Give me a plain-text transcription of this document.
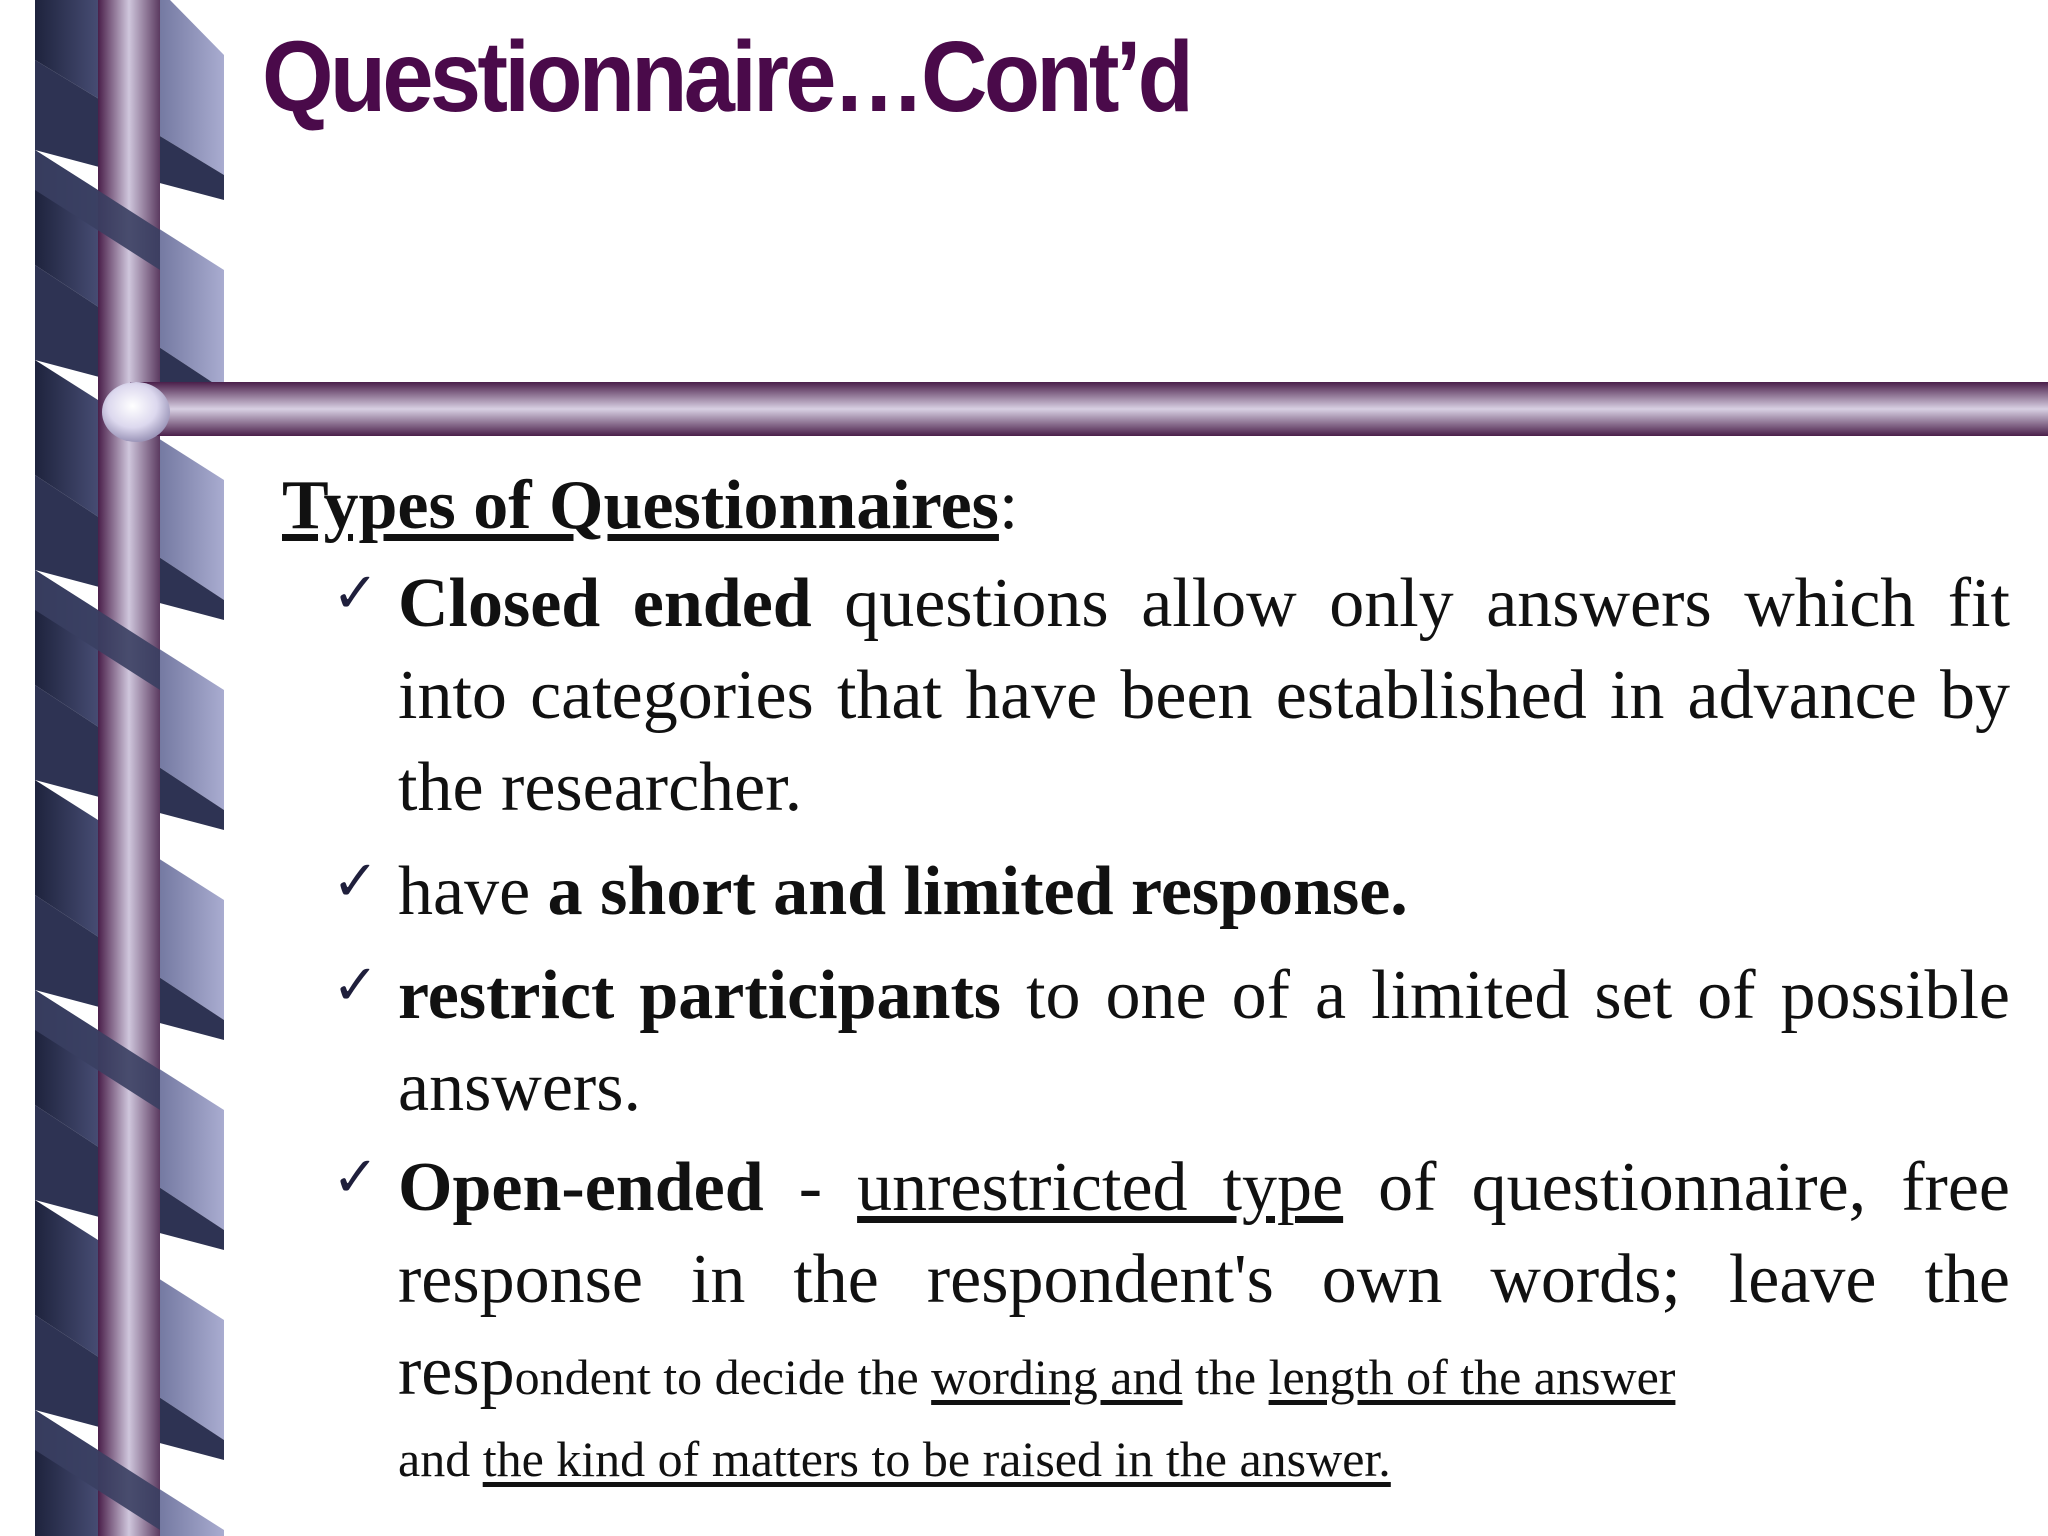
Questionnaire…Cont’d

Types of Questionnaires:

✓ Closed ended questions allow only answers which fit into categories that have been established in advance by the researcher.
✓ have a short and limited response.
✓ restrict participants to one of a limited set of possible answers.
✓ Open-ended - unrestricted type of questionnaire, free response in the respondent's own words; leave the respondent to decide the wording and the length of the answer
and the kind of matters to be raised in the answer.
